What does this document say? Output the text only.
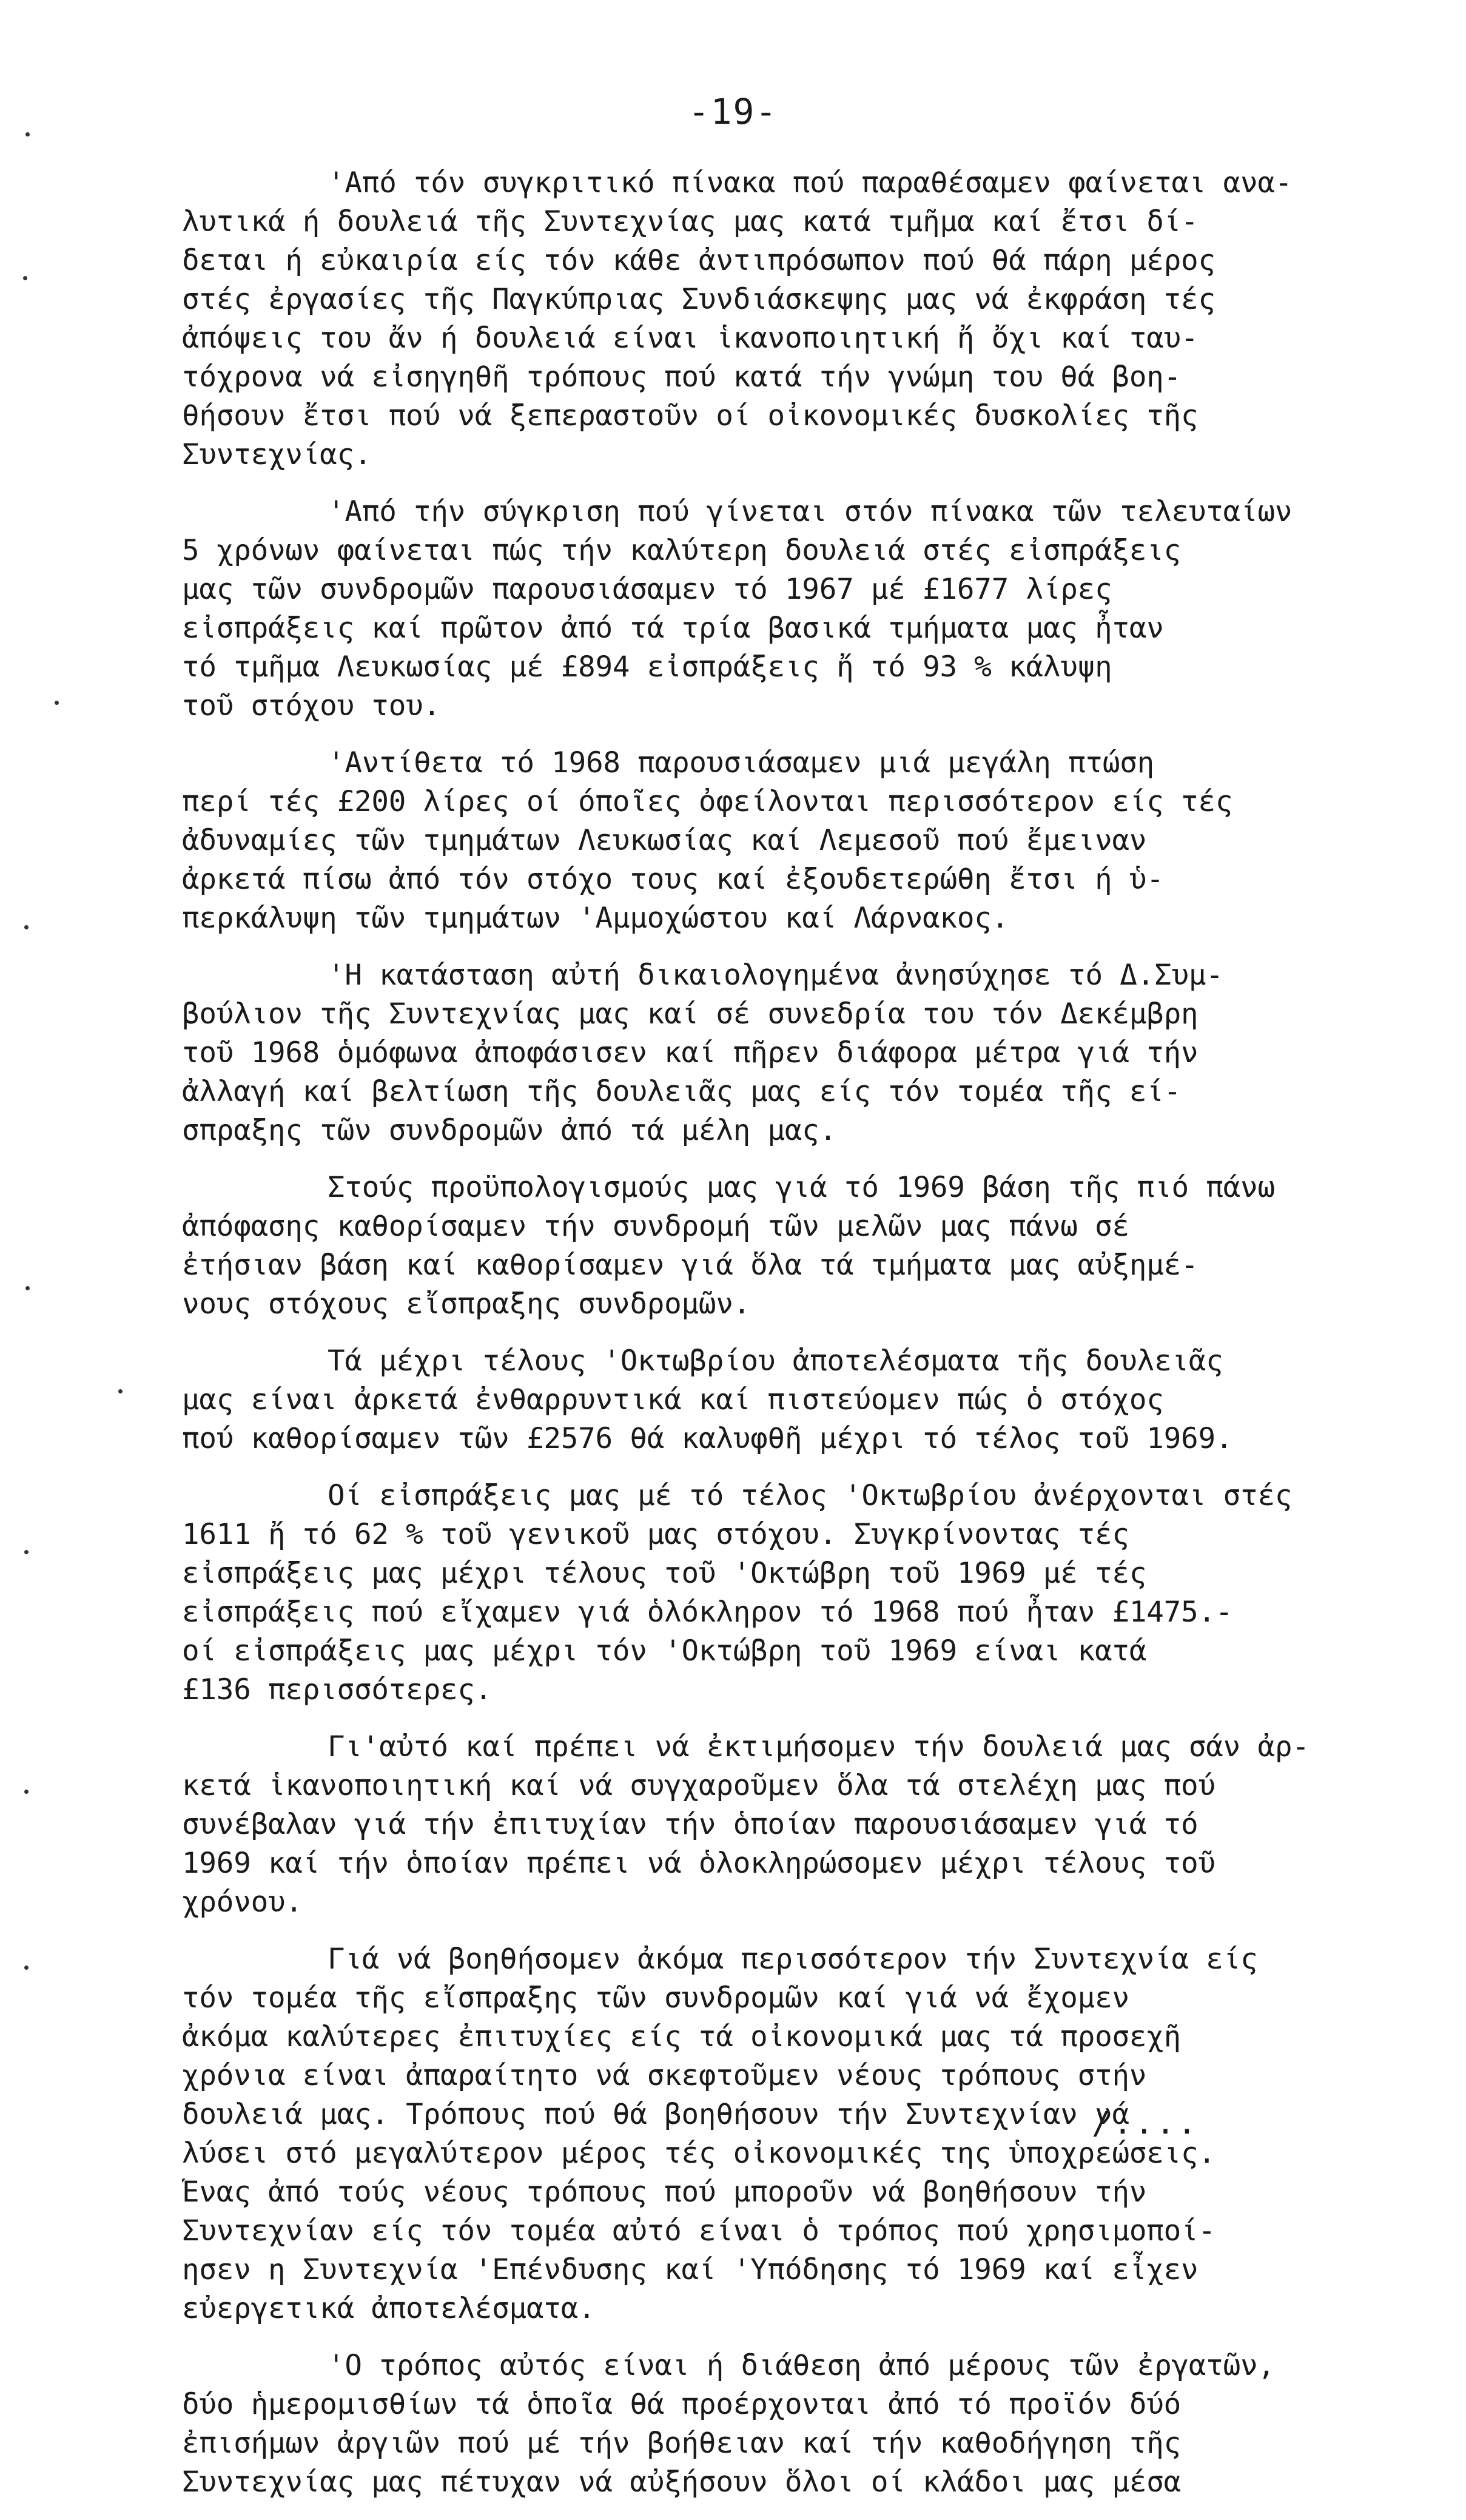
-19-
'Από τόν συγκριτικό πίνακα πού παραθέσαμεν φαίνεται ανα-
λυτικά ή δουλειά τῆς Συντεχνίας μας κατά τμῆμα καί ἔτσι δί-
δεται ή εὐκαιρία είς τόν κάθε ἀντιπρόσωπον πού θά πάρη μέρος
στές ἐργασίες τῆς Παγκύπριας Συνδιάσκεψης μας νά ἐκφράση τές
ἀπόψεις του ἄν ή δουλειά είναι ἱκανοποιητική ἤ ὄχι καί ταυ-
τόχρονα νά εἰσηγηθῆ τρόπους πού κατά τήν γνώμη του θά βοη-
θήσουν ἔτσι πού νά ξεπεραστοῦν οί οἰκονομικές δυσκολίες τῆς
Συντεχνίας.
'Από τήν σύγκριση πού γίνεται στόν πίνακα τῶν τελευταίων
5 χρόνων φαίνεται πώς τήν καλύτερη δουλειά στές εἰσπράξεις
μας τῶν συνδρομῶν παρουσιάσαμεν τό 1967 μέ £1677 λίρες
εἰσπράξεις καί πρῶτον ἀπό τά τρία βασικά τμήματα μας ἦταν
τό τμῆμα Λευκωσίας μέ £894 εἰσπράξεις ἤ τό 93 % κάλυψη
τοῦ στόχου του.
'Αντίθετα τό 1968 παρουσιάσαμεν μιά μεγάλη πτώση
περί τές £200 λίρες οί όποῖες ὀφείλονται περισσότερον είς τές
ἀδυναμίες τῶν τμημάτων Λευκωσίας καί Λεμεσοῦ πού ἔμειναν
ἀρκετά πίσω ἀπό τόν στόχο τους καί ἐξουδετερώθη ἔτσι ή ὑ-
περκάλυψη τῶν τμημάτων 'Αμμοχώστου καί Λάρνακος.
'Η κατάσταση αὐτή δικαιολογημένα ἀνησύχησε τό Δ.Συμ-
βούλιον τῆς Συντεχνίας μας καί σέ συνεδρία του τόν Δεκέμβρη
τοῦ 1968 ὁμόφωνα ἀποφάσισεν καί πῆρεν διάφορα μέτρα γιά τήν
ἀλλαγή καί βελτίωση τῆς δουλειᾶς μας είς τόν τομέα τῆς εί-
σπραξης τῶν συνδρομῶν ἀπό τά μέλη μας.
Στούς προϋπολογισμούς μας γιά τό 1969 βάση τῆς πιό πάνω
ἀπόφασης καθορίσαμεν τήν συνδρομή τῶν μελῶν μας πάνω σέ
ἐτήσιαν βάση καί καθορίσαμεν γιά ὅλα τά τμήματα μας αὐξημέ-
νους στόχους εἴσπραξης συνδρομῶν.
Τά μέχρι τέλους 'Οκτωβρίου ἀποτελέσματα τῆς δουλειᾶς
μας είναι ἀρκετά ἐνθαρρυντικά καί πιστεύομεν πώς ὁ στόχος
πού καθορίσαμεν τῶν £2576 θά καλυφθῆ μέχρι τό τέλος τοῦ 1969.
Οί εἰσπράξεις μας μέ τό τέλος 'Οκτωβρίου ἀνέρχονται στές
1611 ἤ τό 62 % τοῦ γενικοῦ μας στόχου. Συγκρίνοντας τές
εἰσπράξεις μας μέχρι τέλους τοῦ 'Οκτώβρη τοῦ 1969 μέ τές
εἰσπράξεις πού εἴχαμεν γιά ὁλόκληρον τό 1968 πού ἦταν £1475.-
οί εἰσπράξεις μας μέχρι τόν 'Οκτώβρη τοῦ 1969 είναι κατά
£136 περισσότερες.
Γι'αὐτό καί πρέπει νά ἐκτιμήσομεν τήν δουλειά μας σάν ἀρ-
κετά ἱκανοποιητική καί νά συγχαροῦμεν ὅλα τά στελέχη μας πού
συνέβαλαν γιά τήν ἐπιτυχίαν τήν ὁποίαν παρουσιάσαμεν γιά τό
1969 καί τήν ὁποίαν πρέπει νά ὁλοκληρώσομεν μέχρι τέλους τοῦ
χρόνου.
Γιά νά βοηθήσομεν ἀκόμα περισσότερον τήν Συντεχνία είς
τόν τομέα τῆς εἴσπραξης τῶν συνδρομῶν καί γιά νά ἔχομεν
ἀκόμα καλύτερες ἐπιτυχίες είς τά οἰκονομικά μας τά προσεχῆ
χρόνια είναι ἀπαραίτητο νά σκεφτοῦμεν νέους τρόπους στήν
δουλειά μας. Τρόπους πού θά βοηθήσουν τήν Συντεχνίαν νά
λύσει στό μεγαλύτερον μέρος τές οἰκονομικές της ὑποχρεώσεις.
Ένας ἀπό τούς νέους τρόπους πού μποροῦν νά βοηθήσουν τήν
Συντεχνίαν είς τόν τομέα αὐτό είναι ὁ τρόπος πού χρησιμοποί-
ησεν η Συντεχνία 'Επένδυσης καί 'Υπόδησης τό 1969 καί εἶχεν
εὐεργετικά ἀποτελέσματα.
'Ο τρόπος αὐτός είναι ή διάθεση ἀπό μέρους τῶν ἐργατῶν,
δύο ἡμερομισθίων τά ὁποῖα θά προέρχονται ἀπό τό προϊόν δύό
ἐπισήμων ἀργιῶν πού μέ τήν βοήθειαν καί τήν καθοδήγηση τῆς
Συντεχνίας μας πέτυχαν νά αὐξήσουν ὅλοι οί κλάδοι μας μέσα
/....
